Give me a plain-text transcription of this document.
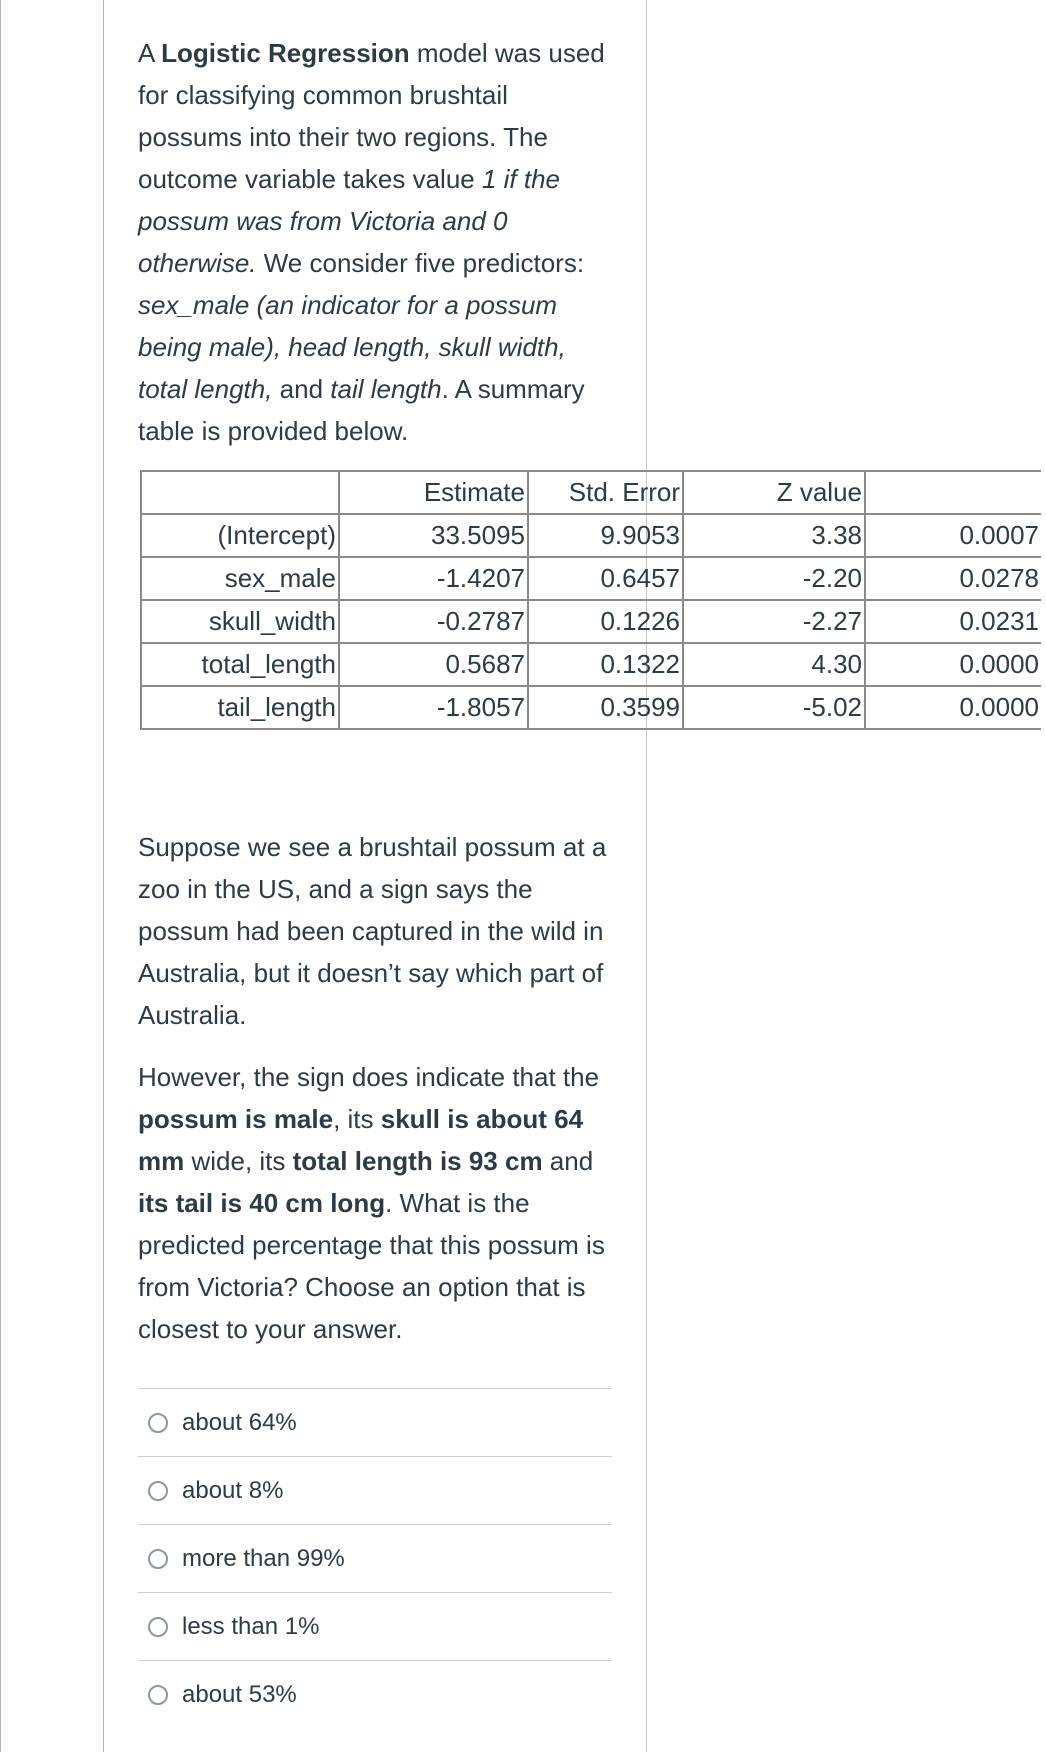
A Logistic Regression model was used for classifying common brushtail possums into their two regions. The outcome variable takes value 1 if the possum was from Victoria and 0 otherwise. We consider five predictors: sex_male (an indicator for a possum being male), head length, skull width, total length, and tail length. A summary table is provided below.

	Estimate	Std. Error	Z value	
(Intercept)	33.5095	9.9053	3.38	0.0007
sex_male	-1.4207	0.6457	-2.20	0.0278
skull_width	-0.2787	0.1226	-2.27	0.0231
total_length	0.5687	0.1322	4.30	0.0000
tail_length	-1.8057	0.3599	-5.02	0.0000

Suppose we see a brushtail possum at a zoo in the US, and a sign says the possum had been captured in the wild in Australia, but it doesn’t say which part of Australia.

However, the sign does indicate that the possum is male, its skull is about 64 mm wide, its total length is 93 cm and its tail is 40 cm long. What is the predicted percentage that this possum is from Victoria? Choose an option that is closest to your answer.

about 64%
about 8%
more than 99%
less than 1%
about 53%
